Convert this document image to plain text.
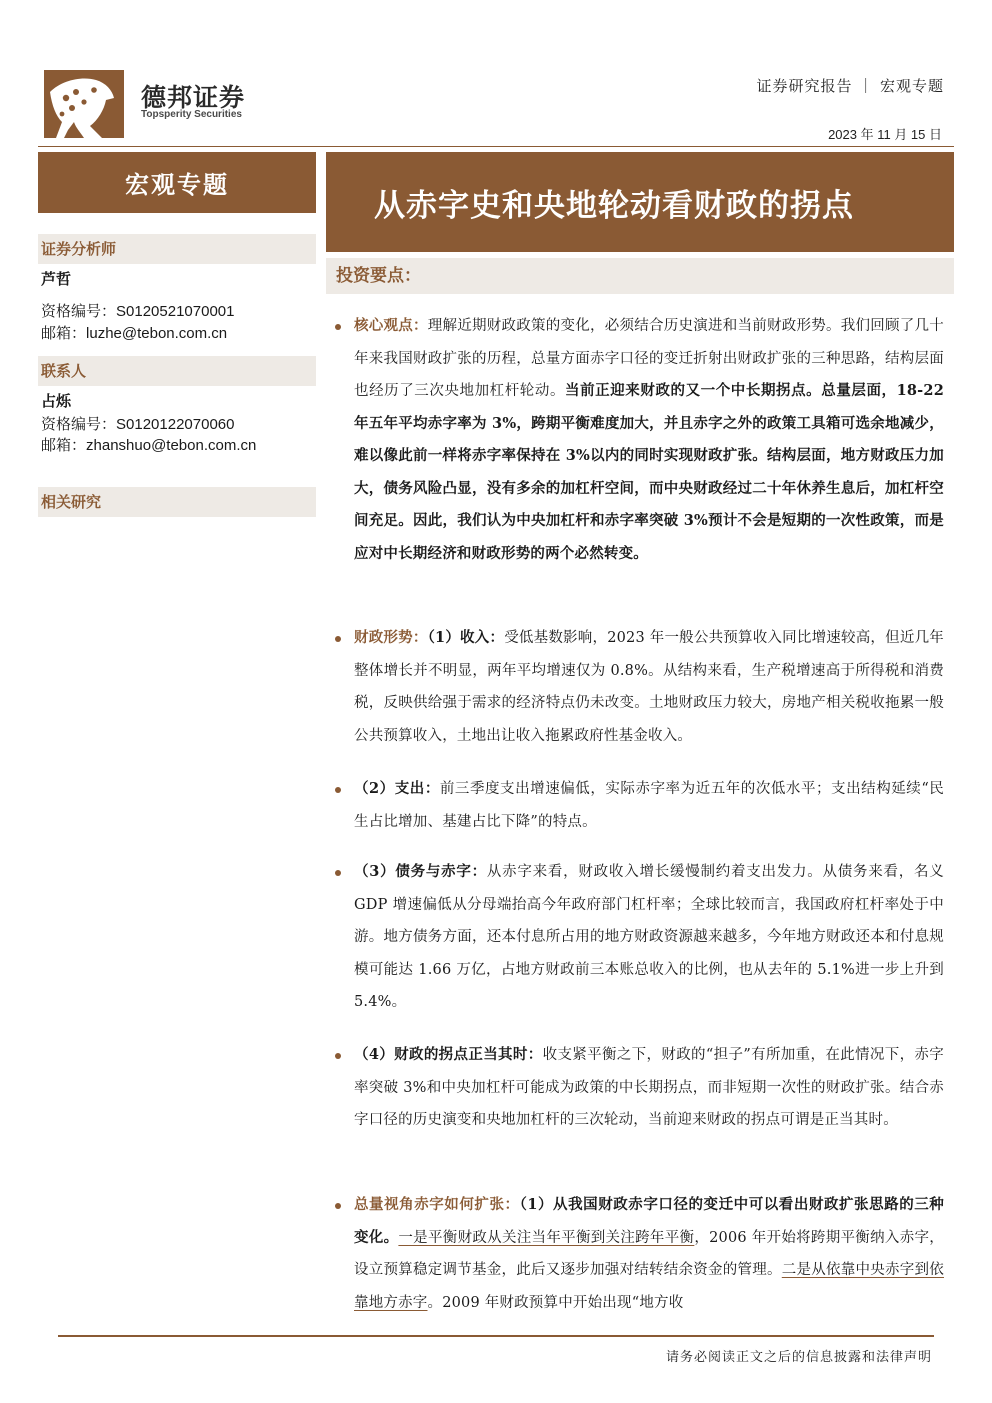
德邦证券
Topsperity Securities
证券研究报告 ｜ 宏观专题
2023 年 11 月 15 日
宏观专题
证券分析师
芦哲
资格编号：S0120521070001
邮箱：luzhe@tebon.com.cn
联系人
占烁
资格编号：S0120122070060
邮箱：zhanshuo@tebon.com.cn
相关研究
从赤字史和央地轮动看财政的拐点
投资要点：
核心观点：理解近期财政政策的变化，必须结合历史演进和当前财政形势。我们回顾了几十年来我国财政扩张的历程，总量方面赤字口径的变迁折射出财政扩张的三种思路，结构层面也经历了三次央地加杠杆轮动。当前正迎来财政的又一个中长期拐点。总量层面，18-22 年五年平均赤字率为 3%，跨期平衡难度加大，并且赤字之外的政策工具箱可选余地减少，难以像此前一样将赤字率保持在 3%以内的同时实现财政扩张。结构层面，地方财政压力加大，债务风险凸显，没有多余的加杠杆空间，而中央财政经过二十年休养生息后，加杠杆空间充足。因此，我们认为中央加杠杆和赤字率突破 3%预计不会是短期的一次性政策，而是应对中长期经济和财政形势的两个必然转变。
财政形势：（1）收入：受低基数影响，2023 年一般公共预算收入同比增速较高，但近几年整体增长并不明显，两年平均增速仅为 0.8%。从结构来看，生产税增速高于所得税和消费税，反映供给强于需求的经济特点仍未改变。土地财政压力较大，房地产相关税收拖累一般公共预算收入，土地出让收入拖累政府性基金收入。
（2）支出：前三季度支出增速偏低，实际赤字率为近五年的次低水平；支出结构延续“民生占比增加、基建占比下降”的特点。
（3）债务与赤字：从赤字来看，财政收入增长缓慢制约着支出发力。从债务来看，名义 GDP 增速偏低从分母端抬高今年政府部门杠杆率；全球比较而言，我国政府杠杆率处于中游。地方债务方面，还本付息所占用的地方财政资源越来越多，今年地方财政还本和付息规模可能达 1.66 万亿，占地方财政前三本账总收入的比例，也从去年的 5.1%进一步上升到 5.4%。
（4）财政的拐点正当其时：收支紧平衡之下，财政的“担子”有所加重，在此情况下，赤字率突破 3%和中央加杠杆可能成为政策的中长期拐点，而非短期一次性的财政扩张。结合赤字口径的历史演变和央地加杠杆的三次轮动，当前迎来财政的拐点可谓是正当其时。
总量视角赤字如何扩张：（1）从我国财政赤字口径的变迁中可以看出财政扩张思路的三种变化。一是平衡财政从关注当年平衡到关注跨年平衡，2006 年开始将跨期平衡纳入赤字，设立预算稳定调节基金，此后又逐步加强对结转结余资金的管理。二是从依靠中央赤字到依靠地方赤字。2009 年财政预算中开始出现“地方收
请务必阅读正文之后的信息披露和法律声明
